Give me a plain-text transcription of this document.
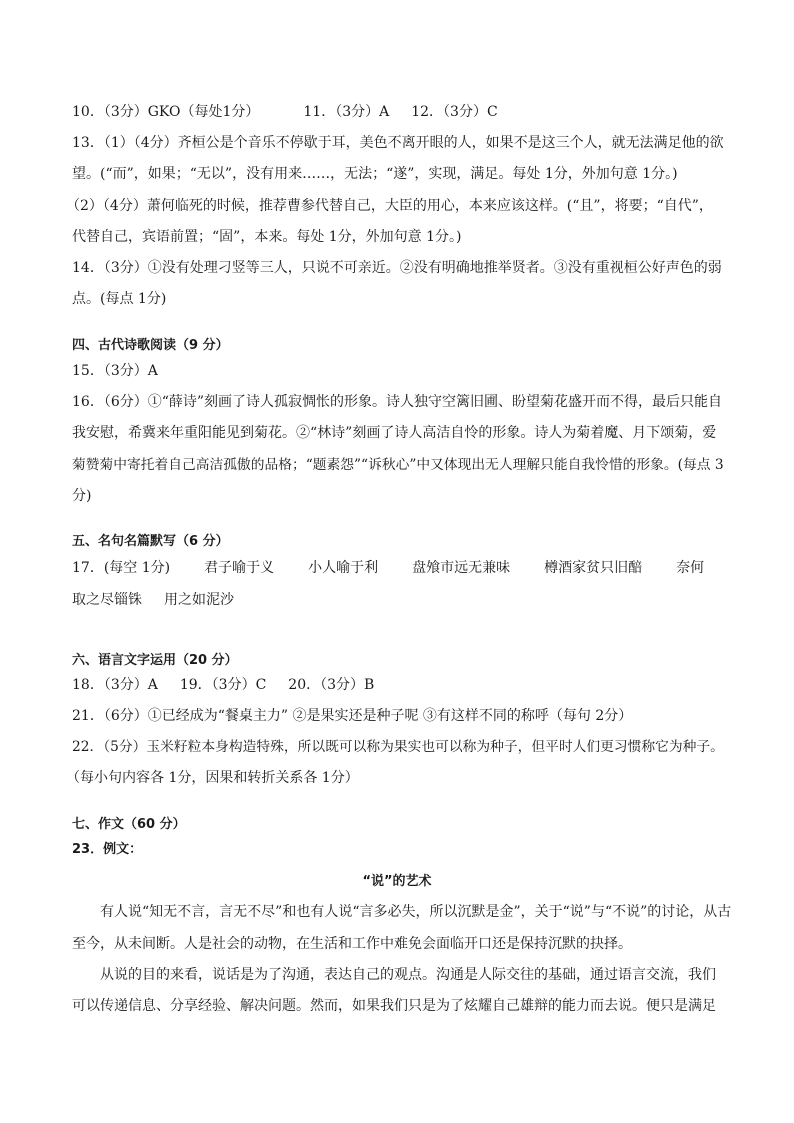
10．（3分）GKO（每处1分）	11．（3分）A 12．（3分）C
13．（1）（4分）齐桓公是个音乐不停歇于耳，美色不离开眼的人，如果不是这三个人，就无法满足他的欲
望。(“而”，如果；“无以”，没有用来……，无法；“遂”，实现，满足。每处 1分，外加句意 1分。)
（2）（4分）萧何临死的时候，推荐曹参代替自己，大臣的用心，本来应该这样。(“且”，将要；“自代”，
代替自己，宾语前置；“固”，本来。每处 1分，外加句意 1分。)
14．（3分）①没有处理刁竖等三人，只说不可亲近。②没有明确地推举贤者。③没有重视桓公好声色的弱
点。(每点 1分)
四、古代诗歌阅读（9 分）
15．（3分）A
16．（6分）①“薛诗”刻画了诗人孤寂惆怅的形象。诗人独守空篱旧圃、盼望菊花盛开而不得，最后只能自
我安慰，希冀来年重阳能见到菊花。②“林诗”刻画了诗人高洁自怜的形象。诗人为菊着魔、月下颂菊，爱
菊赞菊中寄托着自己高洁孤傲的品格；“题素怨”“诉秋心”中又体现出无人理解只能自我怜惜的形象。(每点 3
分)
五、名句名篇默写（6 分）
17．(每空 1分) 君子喻于义 小人喻于利 盘飧市远无兼味 樽酒家贫只旧醅 奈何
取之尽锱铢 用之如泥沙
六、语言文字运用（20 分）
18．（3分）A 19．（3分）C 20．（3分）B
21．（6分）①已经成为“餐桌主力” ②是果实还是种子呢 ③有这样不同的称呼（每句 2分）
22．（5分）玉米籽粒本身构造特殊，所以既可以称为果实也可以称为种子，但平时人们更习惯称它为种子。
（每小句内容各 1分，因果和转折关系各 1分）
七、作文（60 分）
23．例文：
“说”的艺术
有人说“知无不言，言无不尽”和也有人说“言多必失，所以沉默是金”，关于“说”与“不说”的讨论，从古
至今，从未间断。人是社会的动物，在生活和工作中难免会面临开口还是保持沉默的抉择。
从说的目的来看，说话是为了沟通，表达自己的观点。沟通是人际交往的基础，通过语言交流，我们
可以传递信息、分享经验、解决问题。然而，如果我们只是为了炫耀自己雄辩的能力而去说。便只是满足
